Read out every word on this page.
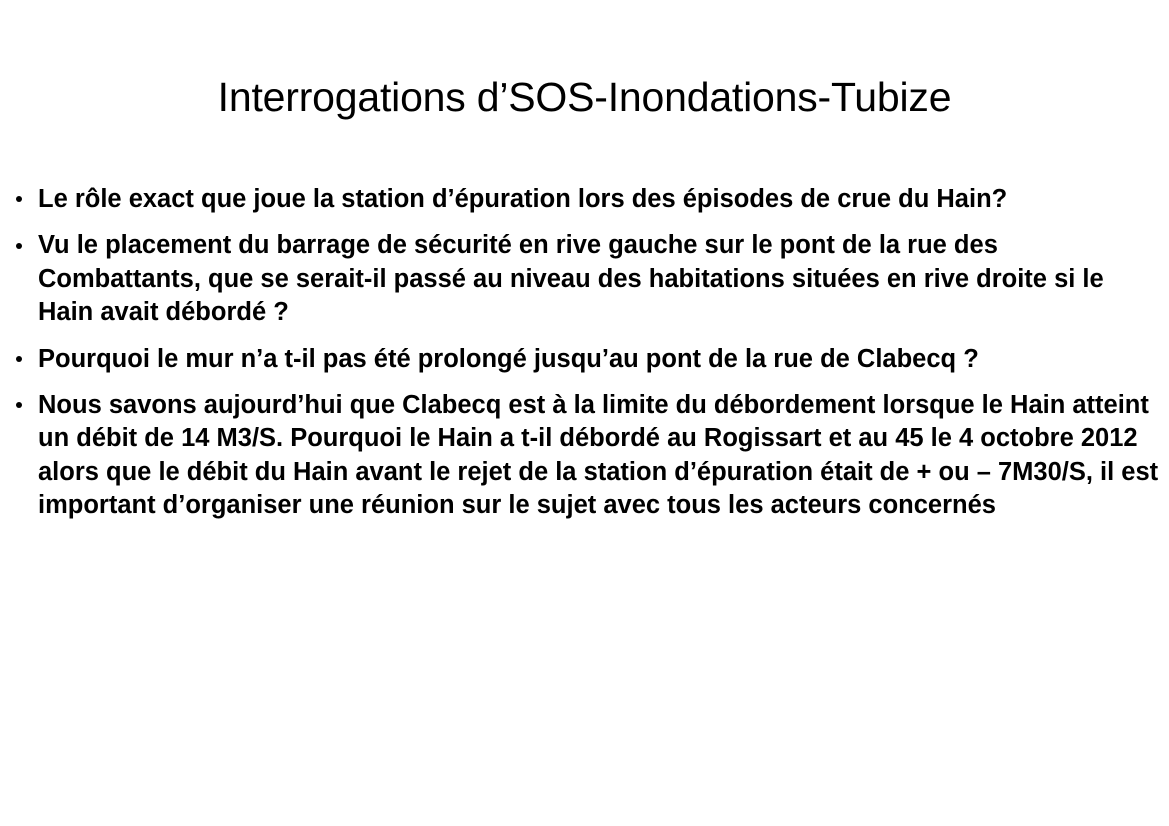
Interrogations d’SOS-Inondations-Tubize
Le rôle exact que joue la station d’épuration lors des épisodes de crue du Hain?
Vu le placement du barrage de sécurité en rive gauche sur le pont de la rue des Combattants, que se serait-il passé au niveau des habitations situées en rive droite si le Hain avait débordé ?
Pourquoi le mur n’a t-il pas été prolongé jusqu’au pont de la rue de Clabecq ?
Nous savons aujourd’hui que Clabecq est à la limite du débordement lorsque le Hain atteint un débit de 14 M3/S. Pourquoi le Hain a t-il débordé au Rogissart et au 45 le 4 octobre 2012 alors que le débit du Hain avant le rejet de la station d’épuration était de + ou – 7M30/S, il est important d’organiser une réunion sur le sujet avec tous les acteurs concernés
